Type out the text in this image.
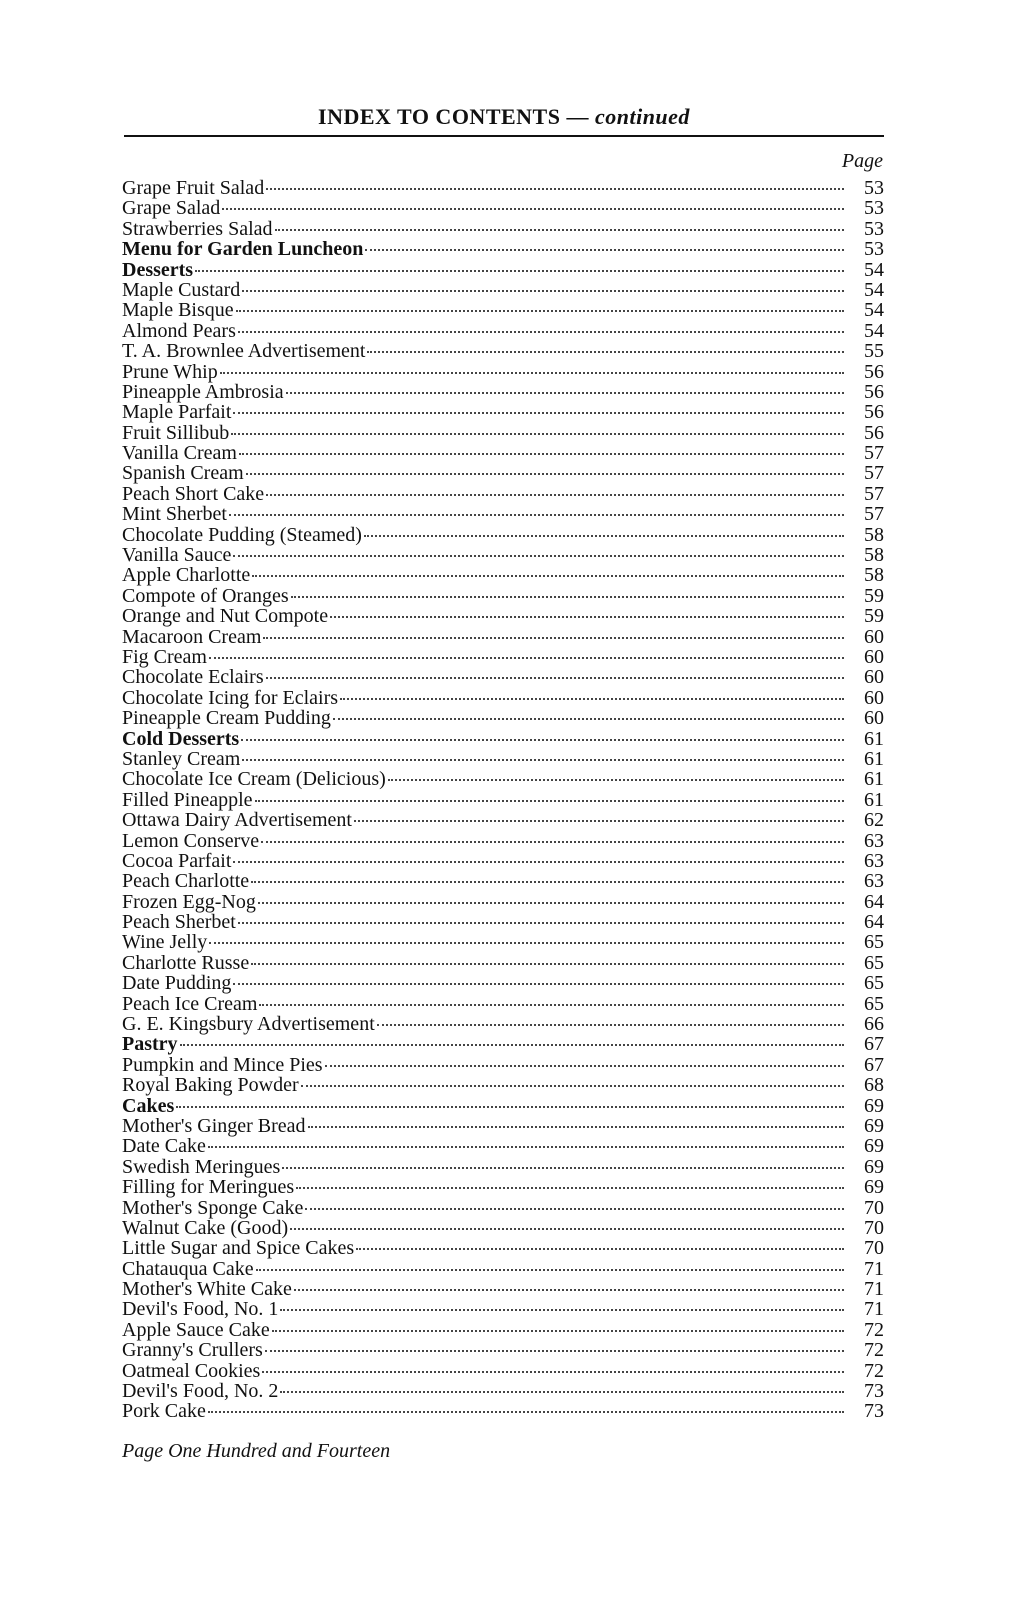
INDEX TO CONTENTS — continued
Page
Grape Fruit Salad	53
Grape Salad	53
Strawberries Salad	53
Menu for Garden Luncheon	53
Desserts	54
Maple Custard	54
Maple Bisque	54
Almond Pears	54
T. A. Brownlee Advertisement	55
Prune Whip	56
Pineapple Ambrosia	56
Maple Parfait	56
Fruit Sillibub	56
Vanilla Cream	57
Spanish Cream	57
Peach Short Cake	57
Mint Sherbet	57
Chocolate Pudding (Steamed)	58
Vanilla Sauce	58
Apple Charlotte	58
Compote of Oranges	59
Orange and Nut Compote	59
Macaroon Cream	60
Fig Cream	60
Chocolate Eclairs	60
Chocolate Icing for Eclairs	60
Pineapple Cream Pudding	60
Cold Desserts	61
Stanley Cream	61
Chocolate Ice Cream (Delicious)	61
Filled Pineapple	61
Ottawa Dairy Advertisement	62
Lemon Conserve	63
Cocoa Parfait	63
Peach Charlotte	63
Frozen Egg-Nog	64
Peach Sherbet	64
Wine Jelly	65
Charlotte Russe	65
Date Pudding	65
Peach Ice Cream	65
G. E. Kingsbury Advertisement	66
Pastry	67
Pumpkin and Mince Pies	67
Royal Baking Powder	68
Cakes	69
Mother's Ginger Bread	69
Date Cake	69
Swedish Meringues	69
Filling for Meringues	69
Mother's Sponge Cake	70
Walnut Cake (Good)	70
Little Sugar and Spice Cakes	70
Chatauqua Cake	71
Mother's White Cake	71
Devil's Food, No. 1	71
Apple Sauce Cake	72
Granny's Crullers	72
Oatmeal Cookies	72
Devil's Food, No. 2	73
Pork Cake	73
Page One Hundred and Fourteen
